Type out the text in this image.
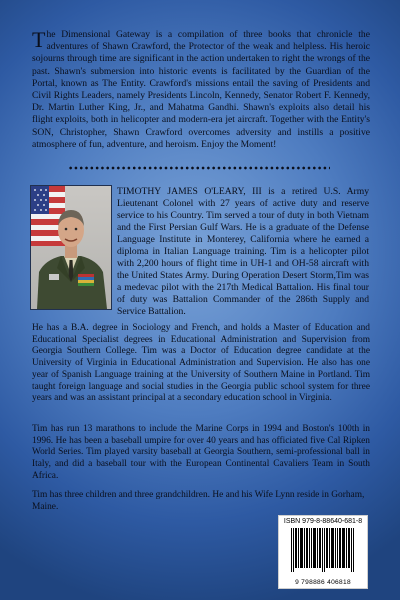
The Dimensional Gateway is a compilation of three books that chronicle the adventures of Shawn Crawford, the Protector of the weak and helpless. His heroic sojourns through time are significant in the action undertaken to right the wrongs of the past. Shawn's submersion into historic events is facilitated by the Guardian of the Portal, known as The Entity. Crawford's missions entail the saving of Presidents and Civil Rights Leaders, namely Presidents Lincoln, Kennedy, Senator Robert F. Kennedy, Dr. Martin Luther King, Jr., and Mahatma Gandhi. Shawn's exploits also detail his flight exploits, both in helicopter and modern-era jet aircraft. Together with the Entity's SON, Christopher, Shawn Crawford overcomes adversity and instills a positive atmosphere of fun, adventure, and heroism. Enjoy the Moment!
TIMOTHY JAMES O'LEARY, III is a retired U.S. Army Lieutenant Colonel with 27 years of active duty and reserve service to his Country. Tim served a tour of duty in both Vietnam and the First Persian Gulf Wars. He is a graduate of the Defense Language Institute in Monterey, California where he earned a diploma in Italian Language training. Tim is a helicopter pilot with 2,200 hours of flight time in UH-1 and OH-58 aircraft with the United States Army. During Operation Desert Storm,Tim was a medevac pilot with the 217th Medical Battalion. His final tour of duty was Battalion Commander of the 286th Supply and Service Battalion.
He has a B.A. degree in Sociology and French, and holds a Master of Education and Educational Specialist degrees in Educational Administration and Supervision from Georgia Southern College. Tim was a Doctor of Education degree candidate at the University of Virginia in Educational Administration and Supervision. He also has one year of Spanish Language training at the University of Southern Maine in Portland. Tim taught foreign language and social studies in the Georgia public school system for three years and was an assistant principal at a secondary education school in Virginia.
Tim has run 13 marathons to include the Marine Corps in 1994 and Boston's 100th in 1996. He has been a baseball umpire for over 40 years and has officiated five Cal Ripken World Series. Tim played varsity baseball at Georgia Southern, semi-professional ball in Italy, and did a baseball tour with the European Continental Cavaliers Team in South Africa.
Tim has three children and three grandchildren. He and his Wife Lynn reside in Gorham, Maine.
ISBN 979-8-88640-681-8
9 798886 406818
